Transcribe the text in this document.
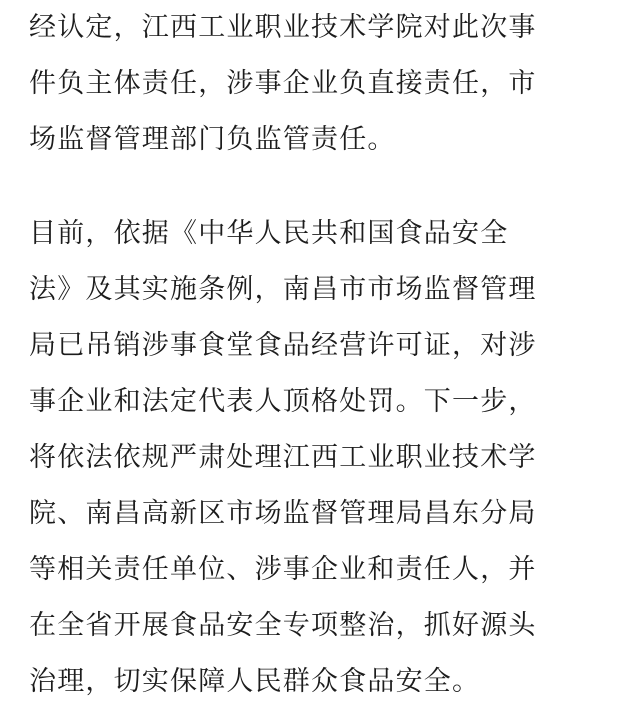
经认定，江西工业职业技术学院对此次事
件负主体责任，涉事企业负直接责任，市
场监督管理部门负监管责任。
目前，依据《中华人民共和国食品安全
法》及其实施条例，南昌市市场监督管理
局已吊销涉事食堂食品经营许可证，对涉
事企业和法定代表人顶格处罚。下一步，
将依法依规严肃处理江西工业职业技术学
院、南昌高新区市场监督管理局昌东分局
等相关责任单位、涉事企业和责任人，并
在全省开展食品安全专项整治，抓好源头
治理，切实保障人民群众食品安全。
